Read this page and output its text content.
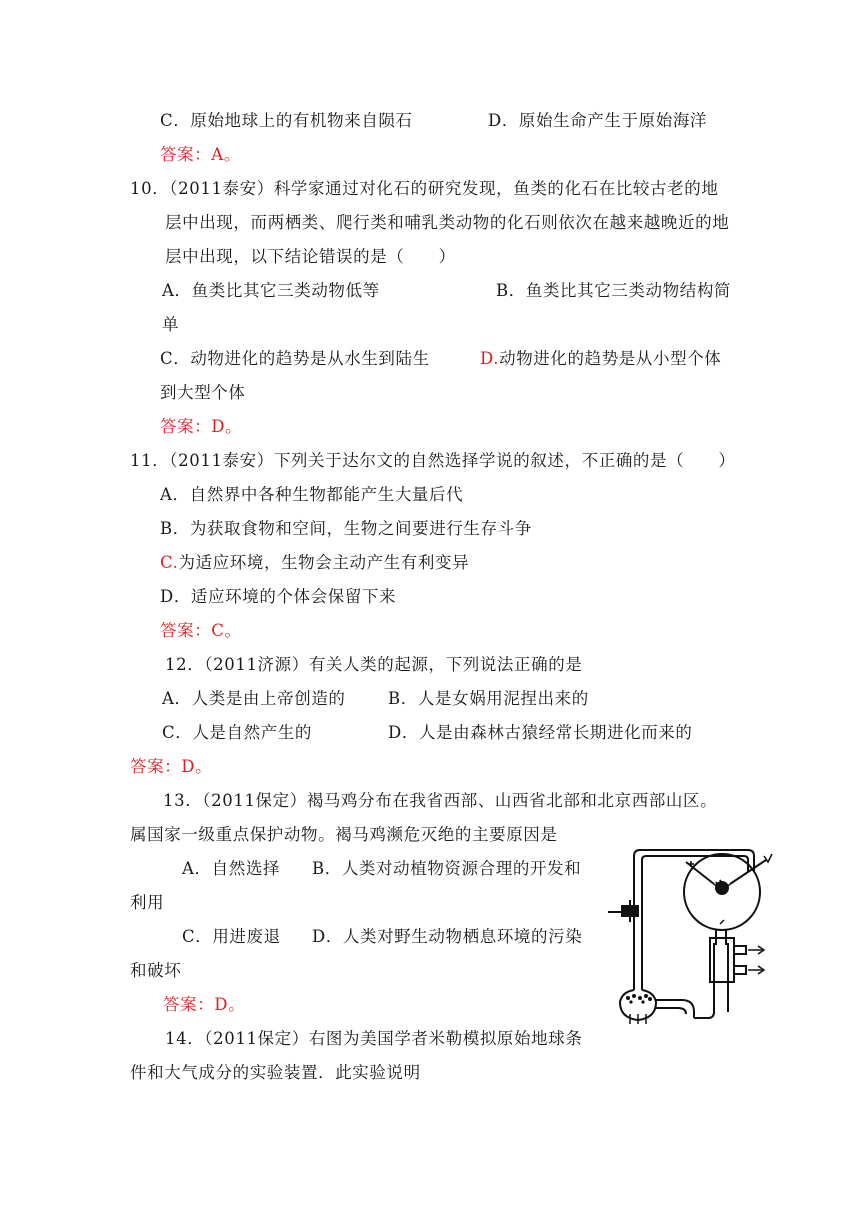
C．原始地球上的有机物来自陨石	D．原始生命产生于原始海洋
答案：A。
10．（2011泰安）科学家通过对化石的研究发现，鱼类的化石在比较古老的地
层中出现，而两栖类、爬行类和哺乳类动物的化石则依次在越来越晚近的地
层中出现，以下结论错误的是（　　）
A．鱼类比其它三类动物低等	B．鱼类比其它三类动物结构简
单
C．动物进化的趋势是从水生到陆生	D.动物进化的趋势是从小型个体
到大型个体
答案：D。
11．（2011泰安）下列关于达尔文的自然选择学说的叙述，不正确的是（　　）
A．自然界中各种生物都能产生大量后代
B．为获取食物和空间，生物之间要进行生存斗争
C.为适应环境，生物会主动产生有利变异
D．适应环境的个体会保留下来
答案：C。
12．（2011济源）有关人类的起源，下列说法正确的是
A．人类是由上帝创造的	B．人是女娲用泥捏出来的
C．人是自然产生的	D．人是由森林古猿经常长期进化而来的
答案：D。
13．（2011保定）褐马鸡分布在我省西部、山西省北部和北京西部山区。
属国家一级重点保护动物。褐马鸡濒危灭绝的主要原因是
A．自然选择 B．人类对动植物资源合理的开发和
利用
C．用进废退 D．人类对野生动物栖息环境的污染
和破坏
答案：D。
14．（2011保定）右图为美国学者米勒模拟原始地球条
件和大气成分的实验装置．此实验说明
